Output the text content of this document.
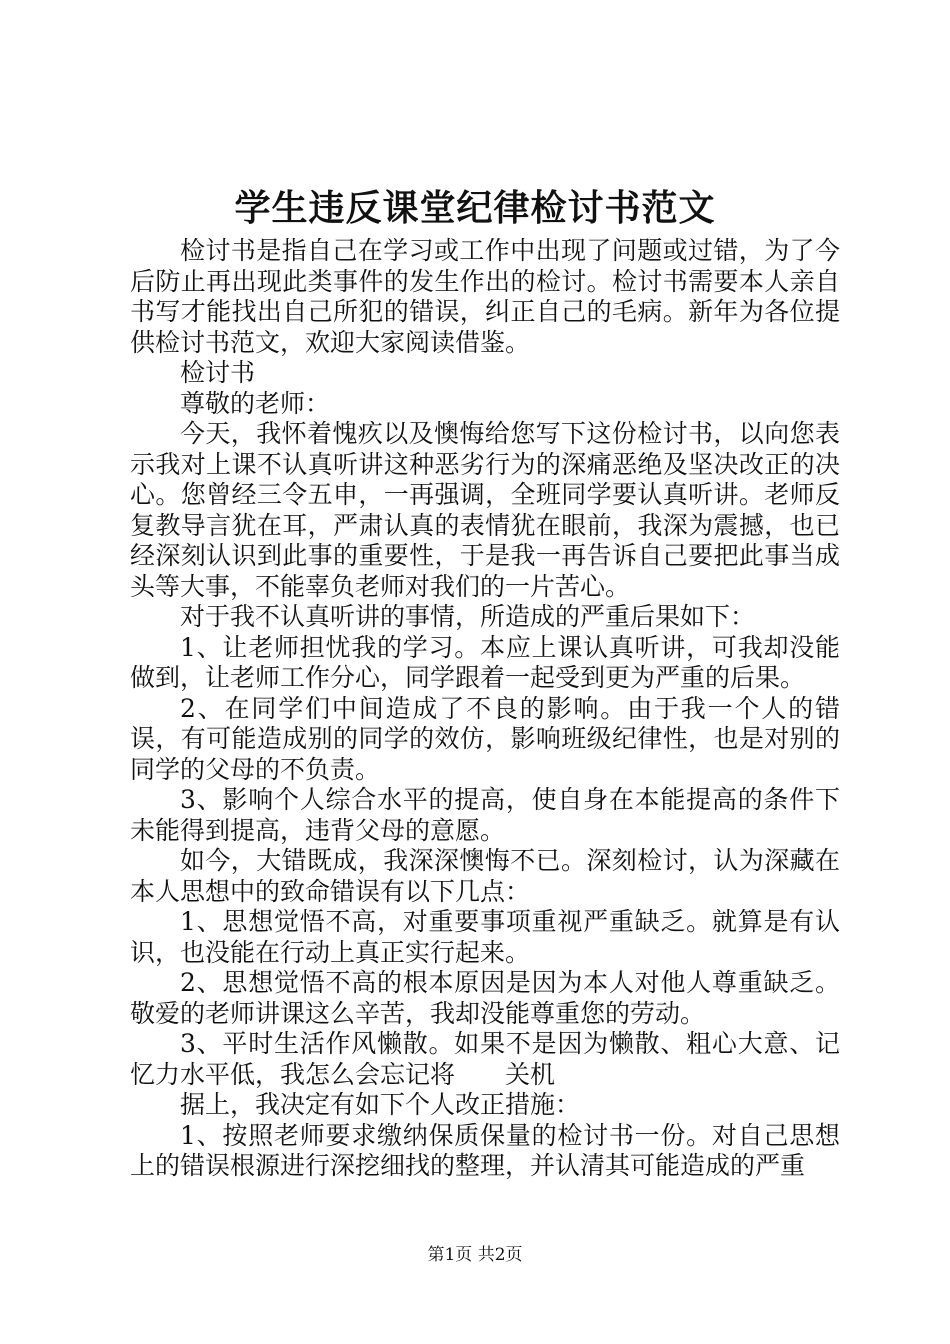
学生违反课堂纪律检讨书范文

检讨书是指自己在学习或工作中出现了问题或过错，为了今后防止再出现此类事件的发生作出的检讨。检讨书需要本人亲自书写才能找出自己所犯的错误，纠正自己的毛病。新年为各位提供检讨书范文，欢迎大家阅读借鉴。

检讨书

尊敬的老师：

今天，我怀着愧疚以及懊悔给您写下这份检讨书，以向您表示我对上课不认真听讲这种恶劣行为的深痛恶绝及坚决改正的决心。您曾经三令五申，一再强调，全班同学要认真听讲。老师反复教导言犹在耳，严肃认真的表情犹在眼前，我深为震撼，也已经深刻认识到此事的重要性，于是我一再告诉自己要把此事当成头等大事，不能辜负老师对我们的一片苦心。

对于我不认真听讲的事情，所造成的严重后果如下：

1、让老师担忧我的学习。本应上课认真听讲，可我却没能做到，让老师工作分心，同学跟着一起受到更为严重的后果。

2、在同学们中间造成了不良的影响。由于我一个人的错误，有可能造成别的同学的效仿，影响班级纪律性，也是对别的同学的父母的不负责。

3、影响个人综合水平的提高，使自身在本能提高的条件下未能得到提高，违背父母的意愿。

如今，大错既成，我深深懊悔不已。深刻检讨，认为深藏在本人思想中的致命错误有以下几点：

1、思想觉悟不高，对重要事项重视严重缺乏。就算是有认识，也没能在行动上真正实行起来。

2、思想觉悟不高的根本原因是因为本人对他人尊重缺乏。敬爱的老师讲课这么辛苦，我却没能尊重您的劳动。

3、平时生活作风懒散。如果不是因为懒散、粗心大意、记忆力水平低，我怎么会忘记将　　关机

据上，我决定有如下个人改正措施：

1、按照老师要求缴纳保质保量的检讨书一份。对自己思想上的错误根源进行深挖细找的整理，并认清其可能造成的严重

第1页 共2页
